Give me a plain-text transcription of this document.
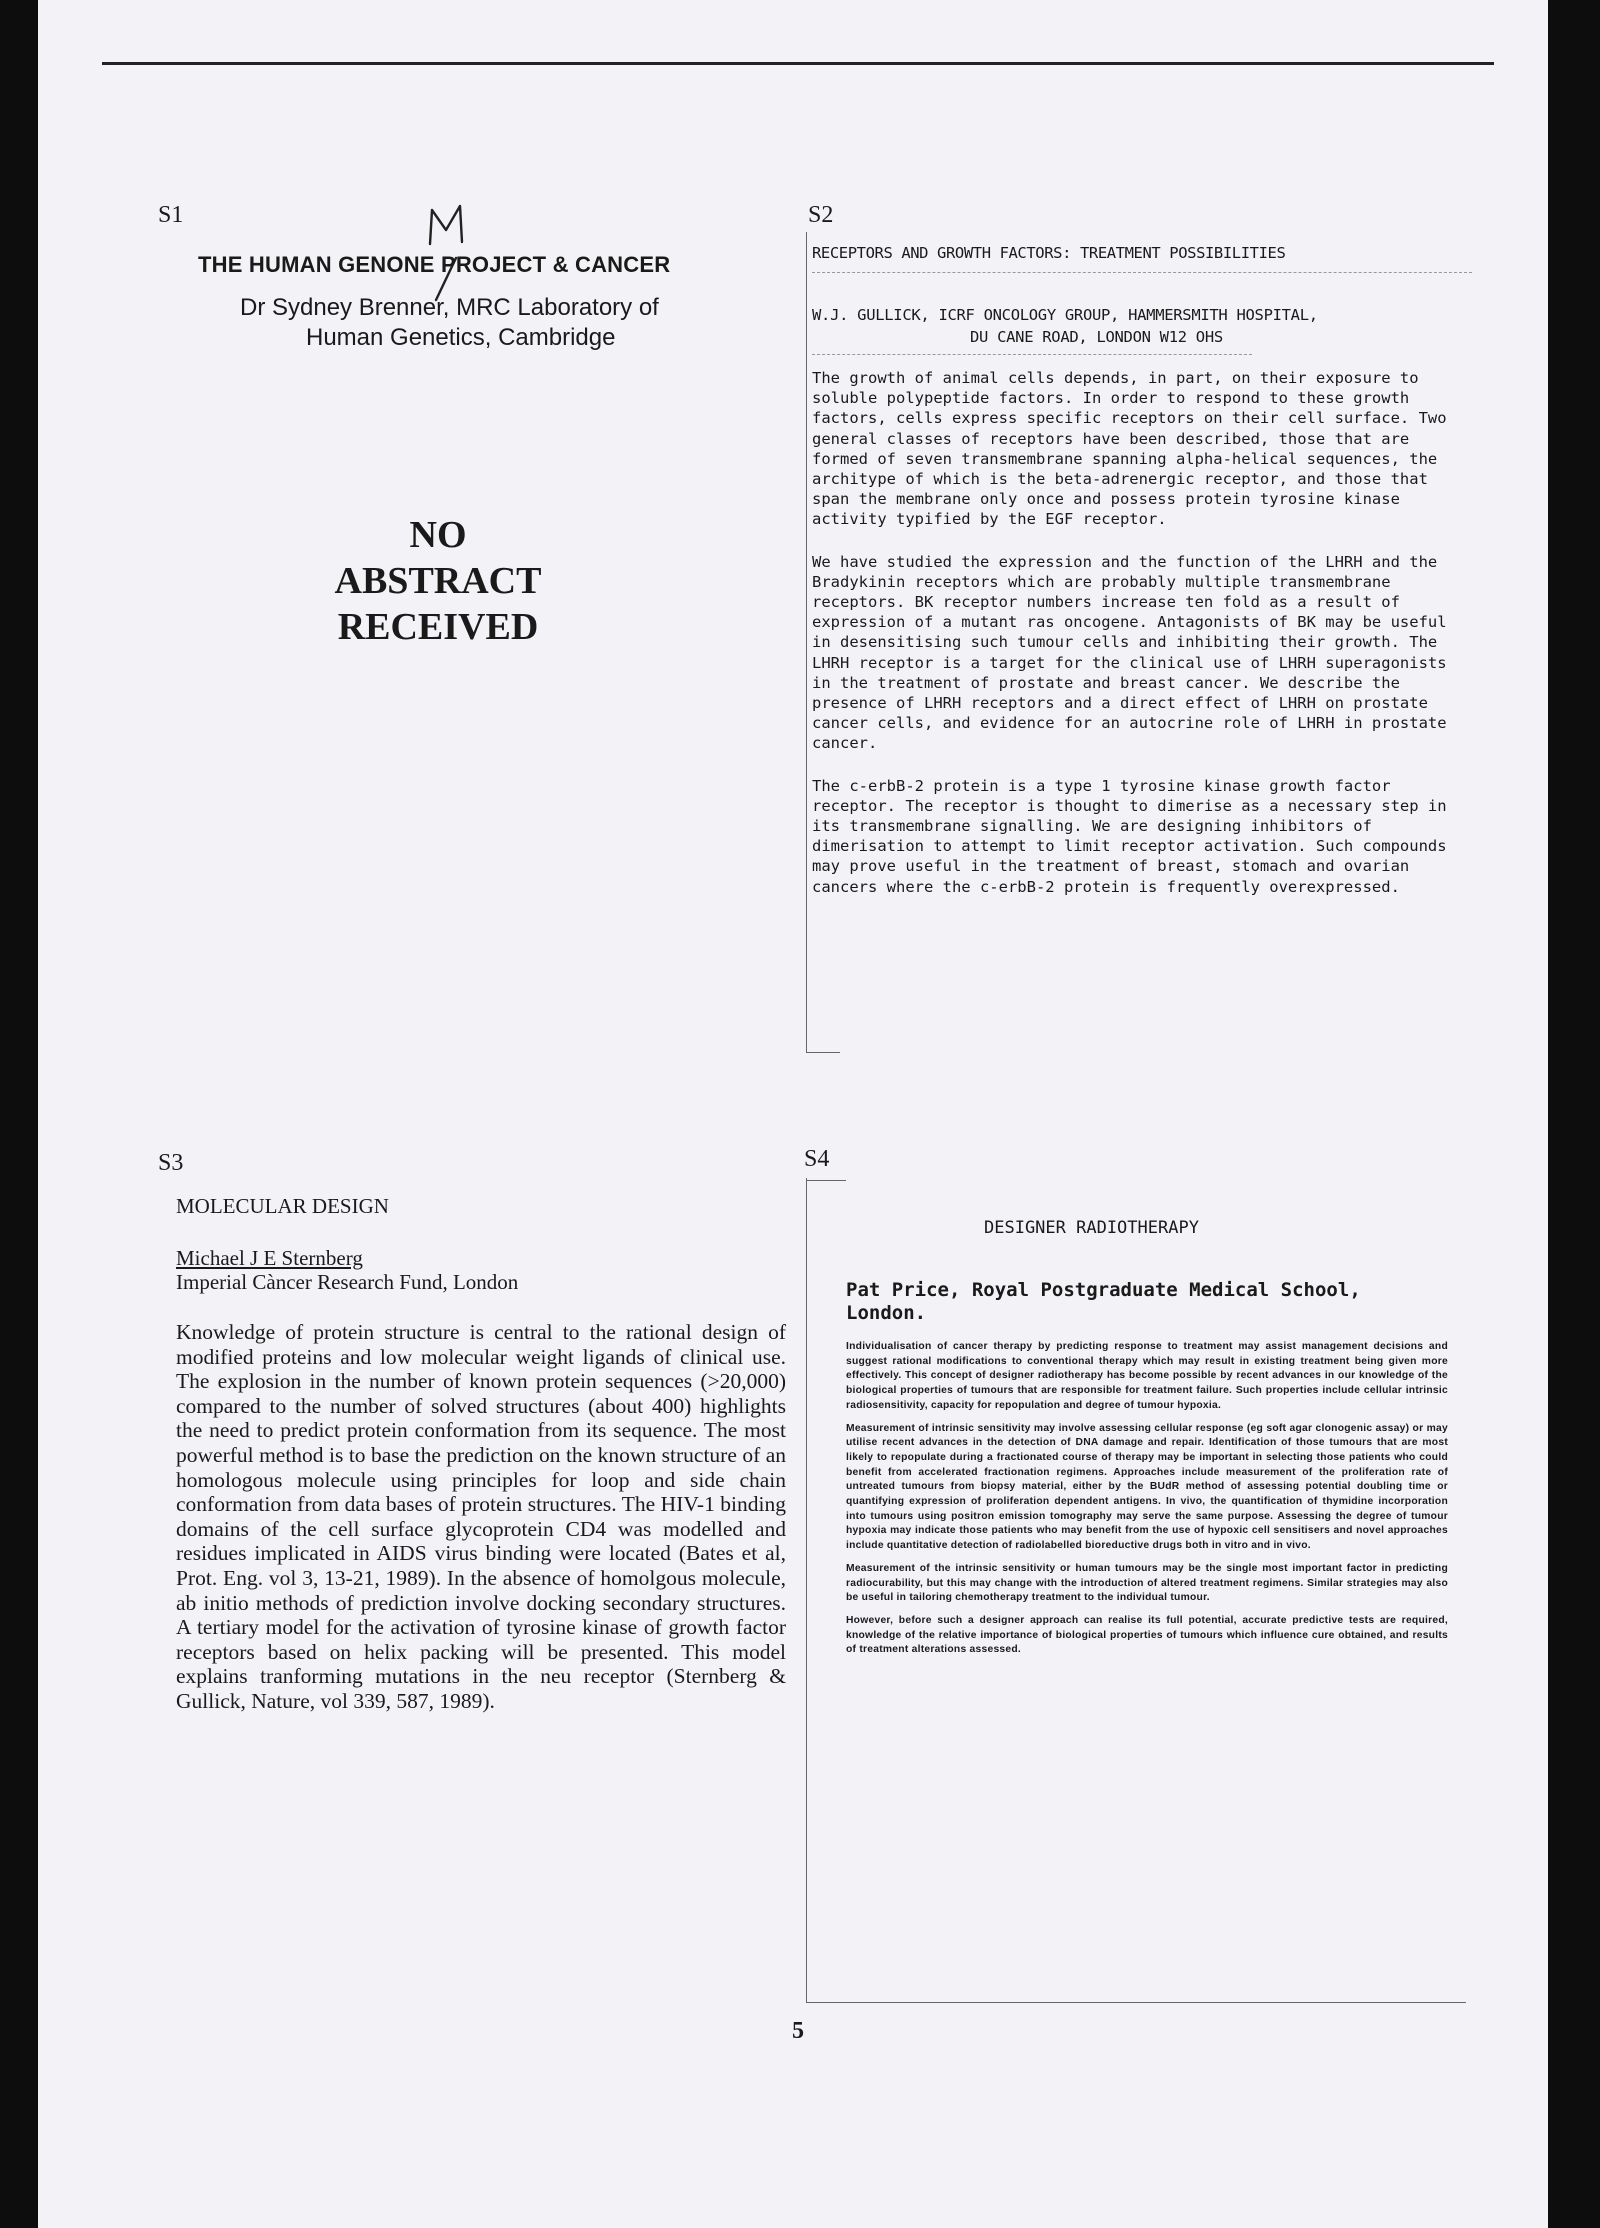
S1
M
THE HUMAN GENONE PROJECT & CANCER
Dr Sydney Brenner, MRC Laboratory of
Human Genetics, Cambridge
NO
ABSTRACT
RECEIVED
S2
RECEPTORS AND GROWTH FACTORS: TREATMENT POSSIBILITIES
W.J. GULLICK, ICRF ONCOLOGY GROUP, HAMMERSMITH HOSPITAL,
DU CANE ROAD, LONDON W12 OHS

The growth of animal cells depends, in part, on their exposure to soluble polypeptide factors. In order to respond to these growth factors, cells express specific receptors on their cell surface. Two general classes of receptors have been described, those that are formed of seven transmembrane spanning alpha-helical sequences, the architype of which is the beta-adrenergic receptor, and those that span the membrane only once and possess protein tyrosine kinase activity typified by the EGF receptor.

We have studied the expression and the function of the LHRH and the Bradykinin receptors which are probably multiple transmembrane receptors. BK receptor numbers increase ten fold as a result of expression of a mutant ras oncogene. Antagonists of BK may be useful in desensitising such tumour cells and inhibiting their growth. The LHRH receptor is a target for the clinical use of LHRH superagonists in the treatment of prostate and breast cancer. We describe the presence of LHRH receptors and a direct effect of LHRH on prostate cancer cells, and evidence for an autocrine role of LHRH in prostate cancer.

The c-erbB-2 protein is a type 1 tyrosine kinase growth factor receptor. The receptor is thought to dimerise as a necessary step in its transmembrane signalling. We are designing inhibitors of dimerisation to attempt to limit receptor activation. Such compounds may prove useful in the treatment of breast, stomach and ovarian cancers where the c-erbB-2 protein is frequently overexpressed.

S3
MOLECULAR DESIGN
Michael J E Sternberg
Imperial Càncer Research Fund, London
Knowledge of protein structure is central to the rational design of modified proteins and low molecular weight ligands of clinical use. The explosion in the number of known protein sequences (>20,000) compared to the number of solved structures (about 400) highlights the need to predict protein conformation from its sequence. The most powerful method is to base the prediction on the known structure of an homologous molecule using principles for loop and side chain conformation from data bases of protein structures. The HIV-1 binding domains of the cell surface glycoprotein CD4 was modelled and residues implicated in AIDS virus binding were located (Bates et al, Prot. Eng. vol 3, 13-21, 1989). In the absence of homolgous molecule, ab initio methods of prediction involve docking secondary structures. A tertiary model for the activation of tyrosine kinase of growth factor receptors based on helix packing will be presented. This model explains tranforming mutations in the neu receptor (Sternberg & Gullick, Nature, vol 339, 587, 1989).
S4
DESIGNER RADIOTHERAPY
Pat Price, Royal Postgraduate Medical School,
London.

Individualisation of cancer therapy by predicting response to treatment may assist management decisions and suggest rational modifications to conventional therapy which may result in existing treatment being given more effectively. This concept of designer radiotherapy has become possible by recent advances in our knowledge of the biological properties of tumours that are responsible for treatment failure. Such properties include cellular intrinsic radiosensitivity, capacity for repopulation and degree of tumour hypoxia.

Measurement of intrinsic sensitivity may involve assessing cellular response (eg soft agar clonogenic assay) or may utilise recent advances in the detection of DNA damage and repair. Identification of those tumours that are most likely to repopulate during a fractionated course of therapy may be important in selecting those patients who could benefit from accelerated fractionation regimens. Approaches include measurement of the proliferation rate of untreated tumours from biopsy material, either by the BUdR method of assessing potential doubling time or quantifying expression of proliferation dependent antigens. In vivo, the quantification of thymidine incorporation into tumours using positron emission tomography may serve the same purpose. Assessing the degree of tumour hypoxia may indicate those patients who may benefit from the use of hypoxic cell sensitisers and novel approaches include quantitative detection of radiolabelled bioreductive drugs both in vitro and in vivo.

Measurement of the intrinsic sensitivity or human tumours may be the single most important factor in predicting radiocurability, but this may change with the introduction of altered treatment regimens. Similar strategies may also be useful in tailoring chemotherapy treatment to the individual tumour.

However, before such a designer approach can realise its full potential, accurate predictive tests are required, knowledge of the relative importance of biological properties of tumours which influence cure obtained, and results of treatment alterations assessed.

5
